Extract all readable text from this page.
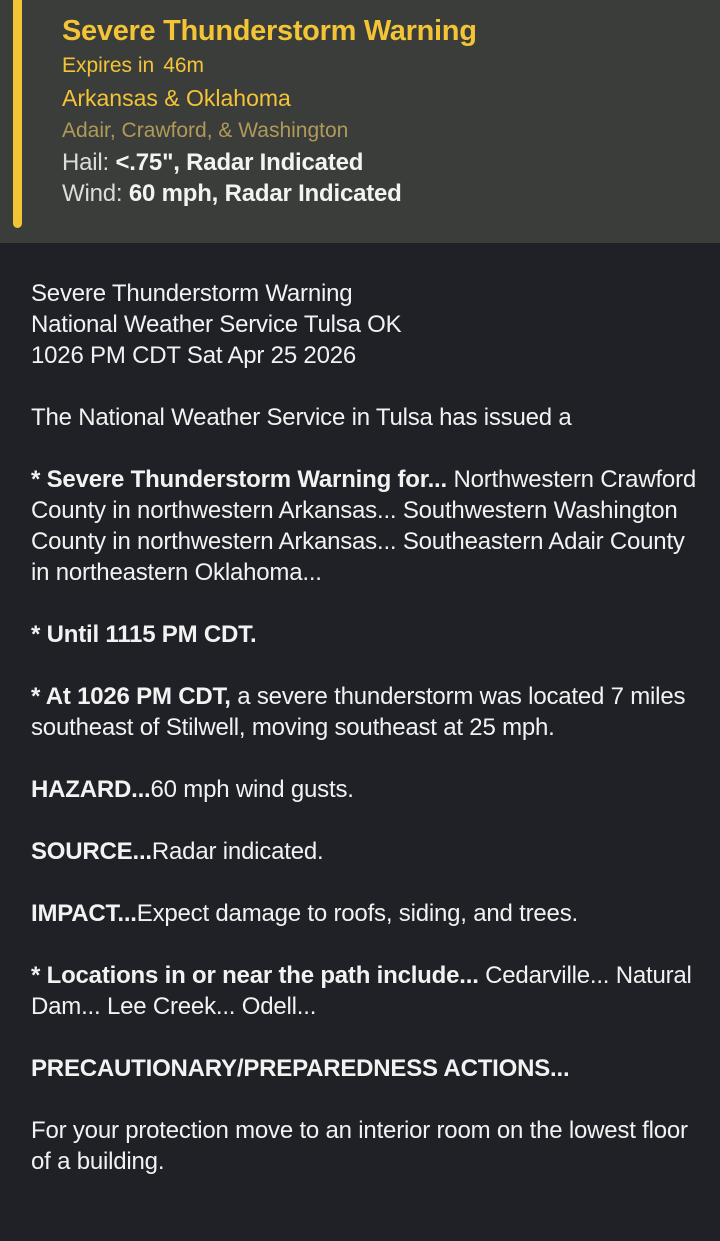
Severe Thunderstorm Warning
Expires in 46m
Arkansas & Oklahoma
Adair, Crawford, & Washington
Hail: <.75", Radar Indicated
Wind: 60 mph, Radar Indicated

Severe Thunderstorm Warning

National Weather Service Tulsa OK

1026 PM CDT Sat Apr 25 2026

The National Weather Service in Tulsa has issued a

* Severe Thunderstorm Warning for... Northwestern Crawford County in northwestern Arkansas... Southwestern Washington County in northwestern Arkansas... Southeastern Adair County in northeastern Oklahoma...

* Until 1115 PM CDT.

* At 1026 PM CDT, a severe thunderstorm was located 7 miles southeast of Stilwell, moving southeast at 25 mph.

HAZARD...60 mph wind gusts.

SOURCE...Radar indicated.

IMPACT...Expect damage to roofs, siding, and trees.

* Locations in or near the path include... Cedarville... Natural Dam... Lee Creek... Odell...

PRECAUTIONARY/PREPAREDNESS ACTIONS...

For your protection move to an interior room on the lowest floor of a building.
